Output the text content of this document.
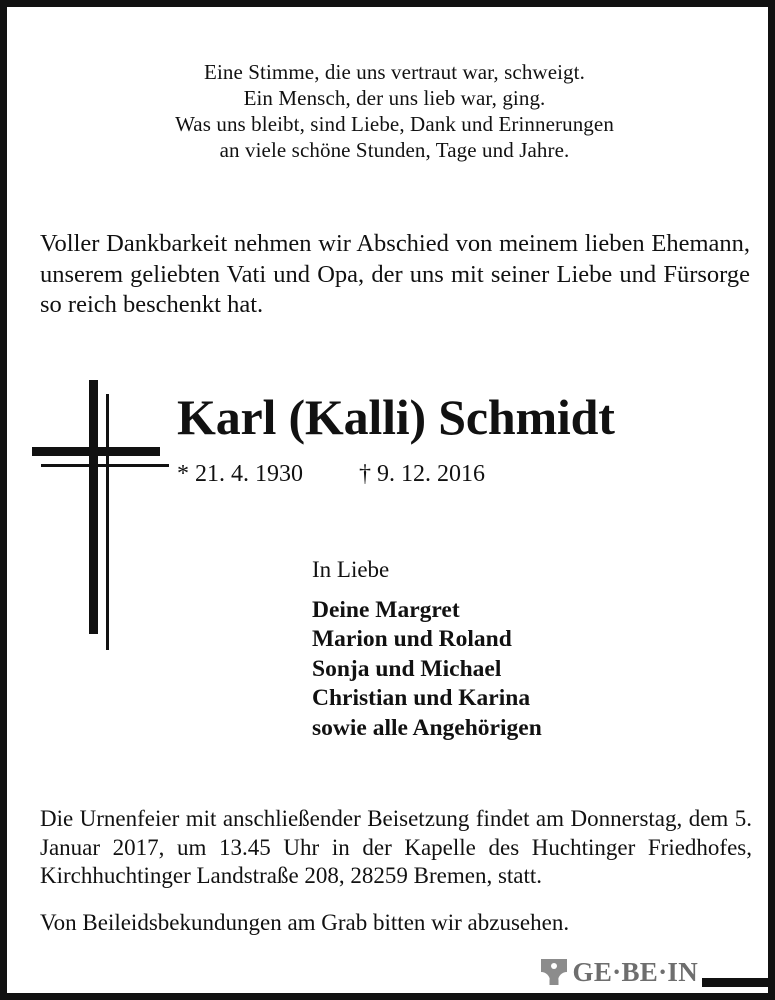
Eine Stimme, die uns vertraut war, schweigt.
Ein Mensch, der uns lieb war, ging.
Was uns bleibt, sind Liebe, Dank und Erinnerungen
an viele schöne Stunden, Tage und Jahre.
Voller Dankbarkeit nehmen wir Abschied von meinem lieben Ehemann, unserem geliebten Vati und Opa, der uns mit seiner Liebe und Fürsorge so reich beschenkt hat.
Karl (Kalli) Schmidt
* 21. 4. 1930 † 9. 12. 2016
In Liebe
Deine Margret
Marion und Roland
Sonja und Michael
Christian und Karina
sowie alle Angehörigen
Die Urnenfeier mit anschließender Beisetzung findet am Donnerstag, dem 5. Januar 2017, um 13.45 Uhr in der Kapelle des Huchtinger Friedhofes, Kirchhuchtinger Landstraße 208, 28259 Bremen, statt.
Von Beileidsbekundungen am Grab bitten wir abzusehen.
GE·BE·IN
